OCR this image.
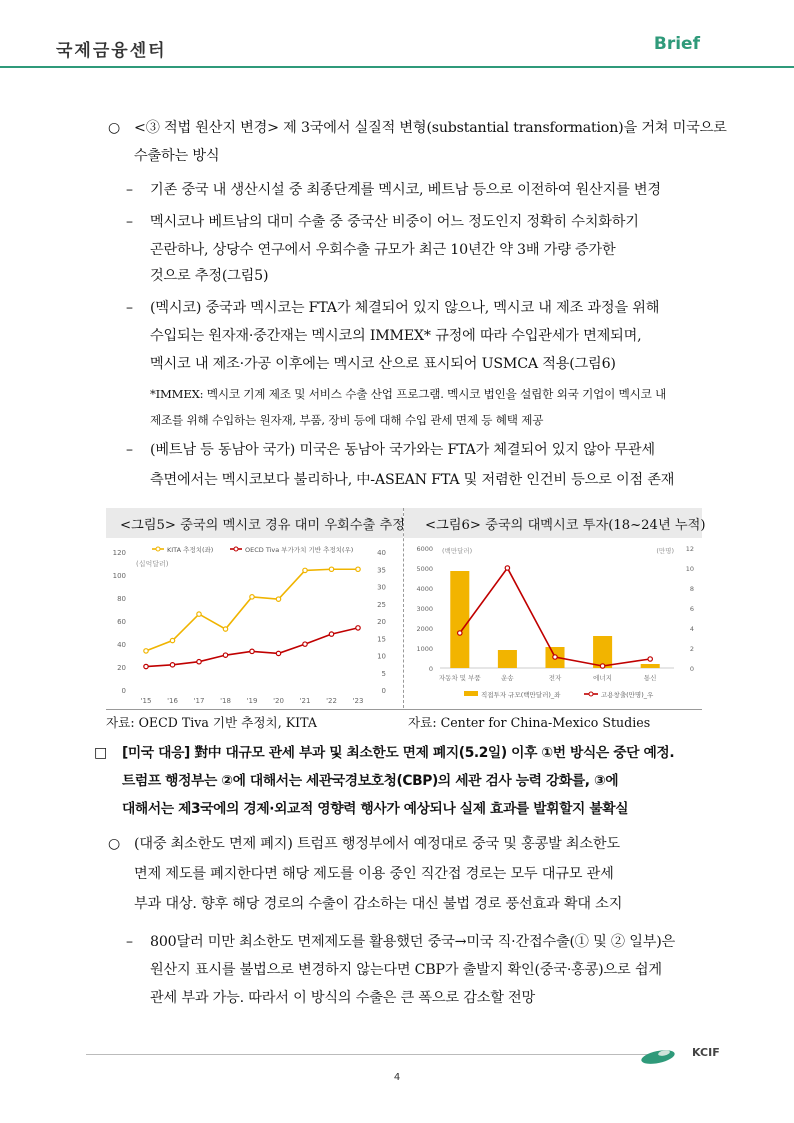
국제금융센터	Brief
○ <③ 적법 원산지 변경> 제 3국에서 실질적 변형(substantial transformation)을 거쳐 미국으로
수출하는 방식
– 기존 중국 내 생산시설 중 최종단계를 멕시코, 베트남 등으로 이전하여 원산지를 변경
– 멕시코나 베트남의 대미 수출 중 중국산 비중이 어느 정도인지 정확히 수치화하기
곤란하나, 상당수 연구에서 우회수출 규모가 최근 10년간 약 3배 가량 증가한
것으로 추정(그림5)
– (멕시코) 중국과 멕시코는 FTA가 체결되어 있지 않으나, 멕시코 내 제조 과정을 위해
수입되는 원자재·중간재는 멕시코의 IMMEX* 규정에 따라 수입관세가 면제되며,
멕시코 내 제조·가공 이후에는 멕시코 산으로 표시되어 USMCA 적용(그림6)
*IMMEX: 멕시코 기계 제조 및 서비스 수출 산업 프로그램. 멕시코 법인을 설립한 외국 기업이 멕시코 내
제조를 위해 수입하는 원자재, 부품, 장비 등에 대해 수입 관세 면제 등 혜택 제공
– (베트남 등 동남아 국가) 미국은 동남아 국가와는 FTA가 체결되어 있지 않아 무관세
측면에서는 멕시코보다 불리하나, 中-ASEAN FTA 및 저렴한 인건비 등으로 이점 존재
<그림5> 중국의 멕시코 경유 대미 우회수출 추정 <그림6> 중국의 대멕시코 투자(18~24년 누적)
0
20
40
60
80
100
120
0
5
10
15
20
25
30
35
40
'15 '16 '17 '18 '19 '20 '21 '22 '23
(십억달러)
KITA 추정치(좌)	OECD Tiva 부가가치 기반 추정치(우)
0
1000
2000
3000
4000
5000
6000
0
2
4
6
8
10
12
(백만달러)	(만명)
자동차 및 부품	운송	전자	에너지	통신
직접투자 규모(백만달러)_좌	고용창출(만명)_우
자료: OECD Tiva 기반 추정치, KITA	자료: Center for China-Mexico Studies
□ [미국 대응] 對中 대규모 관세 부과 및 최소한도 면제 폐지(5.2일) 이후 ①번 방식은 중단 예정.
트럼프 행정부는 ②에 대해서는 세관국경보호청(CBP)의 세관 검사 능력 강화를, ③에
대해서는 제3국에의 경제·외교적 영향력 행사가 예상되나 실제 효과를 발휘할지 불확실
○ (대중 최소한도 면제 폐지) 트럼프 행정부에서 예정대로 중국 및 홍콩발 최소한도
면제 제도를 폐지한다면 해당 제도를 이용 중인 직간접 경로는 모두 대규모 관세
부과 대상. 향후 해당 경로의 수출이 감소하는 대신 불법 경로 풍선효과 확대 소지
– 800달러 미만 최소한도 면제제도를 활용했던 중국→미국 직·간접수출(① 및 ② 일부)은
원산지 표시를 불법으로 변경하지 않는다면 CBP가 출발지 확인(중국·홍콩)으로 쉽게
관세 부과 가능. 따라서 이 방식의 수출은 큰 폭으로 감소할 전망
KCIF
4
